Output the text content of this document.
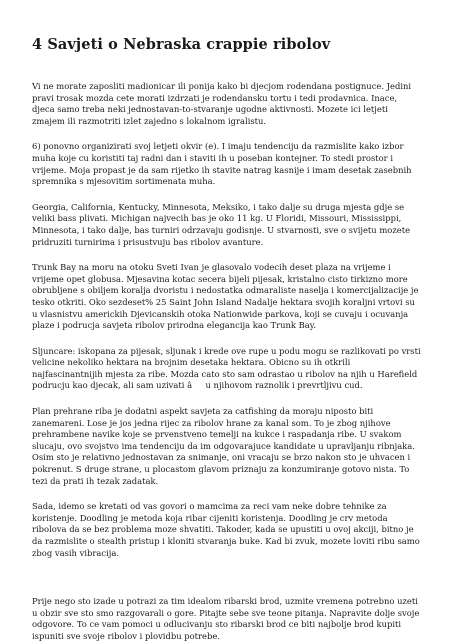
4 Savjeti o Nebraska crappie ribolov

Vi ne morate zaposliti madionicar ili ponija kako bi djecjom rodendana postignuce. Jedini pravi trosak mozda cete morati izdrzati je rodendansku tortu i tedi prodavnica. Inace, djeca samo treba neki jednostavan-to-stvaranje ugodne aktivnosti. Mozete ici letjeti zmajem ili razmotriti izlet zajedno s lokalnom igralistu.

6) ponovno organizirati svoj letjeti okvir (e). I imaju tendenciju da razmislite kako izbor muha koje cu koristiti taj radni dan i staviti ih u poseban kontejner. To stedi prostor i vrijeme. Moja propast je da sam rijetko ih stavite natrag kasnije i imam desetak zasebnih spremnika s mjesovitim sortimenata muha.

Georgia, California, Kentucky, Minnesota, Meksiko, i tako dalje su druga mjesta gdje se veliki bass plivati. Michigan najvecih bas je oko 11 kg. U Floridi, Missouri, Mississippi, Minnesota, i tako dalje, bas turniri odrzavaju godisnje. U stvarnosti, sve o svijetu mozete pridruziti turnirima i prisustvuju bas ribolov avanture.

Trunk Bay na moru na otoku Sveti Ivan je glasovalo vodecih deset plaza na vrijeme i vrijeme opet globusa. Mjesavina kotac secera bijeli pijesak, kristalno cisto tirkizno more obrubljene s obiljem koralja dvoristu i nedostatka odmaraliste naselja i komercijalizacije je tesko otkriti. Oko sezdeset% 25 Saint John Island Nadalje hektara svojih koraljni vrtovi su u vlasnistvu americkih Djevicanskih otoka Nationwide parkova, koji se cuvaju i ocuvanja plaze i podrucja savjeta ribolov prirodna elegancija kao Trunk Bay.

Sljuncare: iskopana za pijesak, sljunak i krede ove rupe u podu mogu se razlikovati po vrsti velicine nekoliko hektara na brojnim desetaka hektara. Obicno su ih otkrili najfascinantnijih mjesta za ribe. Mozda cato sto sam odrastao u ribolov na njih u Harefield podrucju kao djecak, ali sam uzivati âu njihovom raznolik i prevrtljivu cud.

Plan prehrane riba je dodatni aspekt savjeta za catfishing da moraju niposto biti zanemareni. Lose je jos jedna rijec za ribolov hrane za kanal som. To je zbog njihove prehrambene navike koje se prvenstveno temelji na kukce i raspadanja ribe. U svakom slucaju, ovo svojstvo ima tendenciju da im odgovarajuce kandidate u upravljanju ribnjaka. Osim sto je relativno jednostavan za snimanje, oni vracaju se brzo nakon sto je uhvacen i pokrenut. S druge strane, u plocastom glavom priznaju za konzumiranje gotovo nista. To tezi da prati ih tezak zadatak.

Sada, idemo se kretati od vas govori o mamcima za reci vam neke dobre tehnike za koristenje. Doodling je metoda koja ribar cijeniti koristenja. Doodling je crv metoda ribolova da se bez problema moze shvatiti. Takoder, kada se upustiti u ovoj akciji, bitno je da razmislite o stealth pristup i kloniti stvaranja buke. Kad bi zvuk, mozete loviti ribu samo zbog vasih vibracija.

Prije nego sto izade u potrazi za tim idealom ribarski brod, uzmite vremena potrebno uzeti u obzir sve sto smo razgovarali o gore. Pitajte sebe sve teone pitanja. Napravite dolje svoje odgovore. To ce vam pomoci u odlucivanju sto ribarski brod ce biti najbolje brod kupiti ispuniti sve svoje ribolov i plovidbu potrebe.
